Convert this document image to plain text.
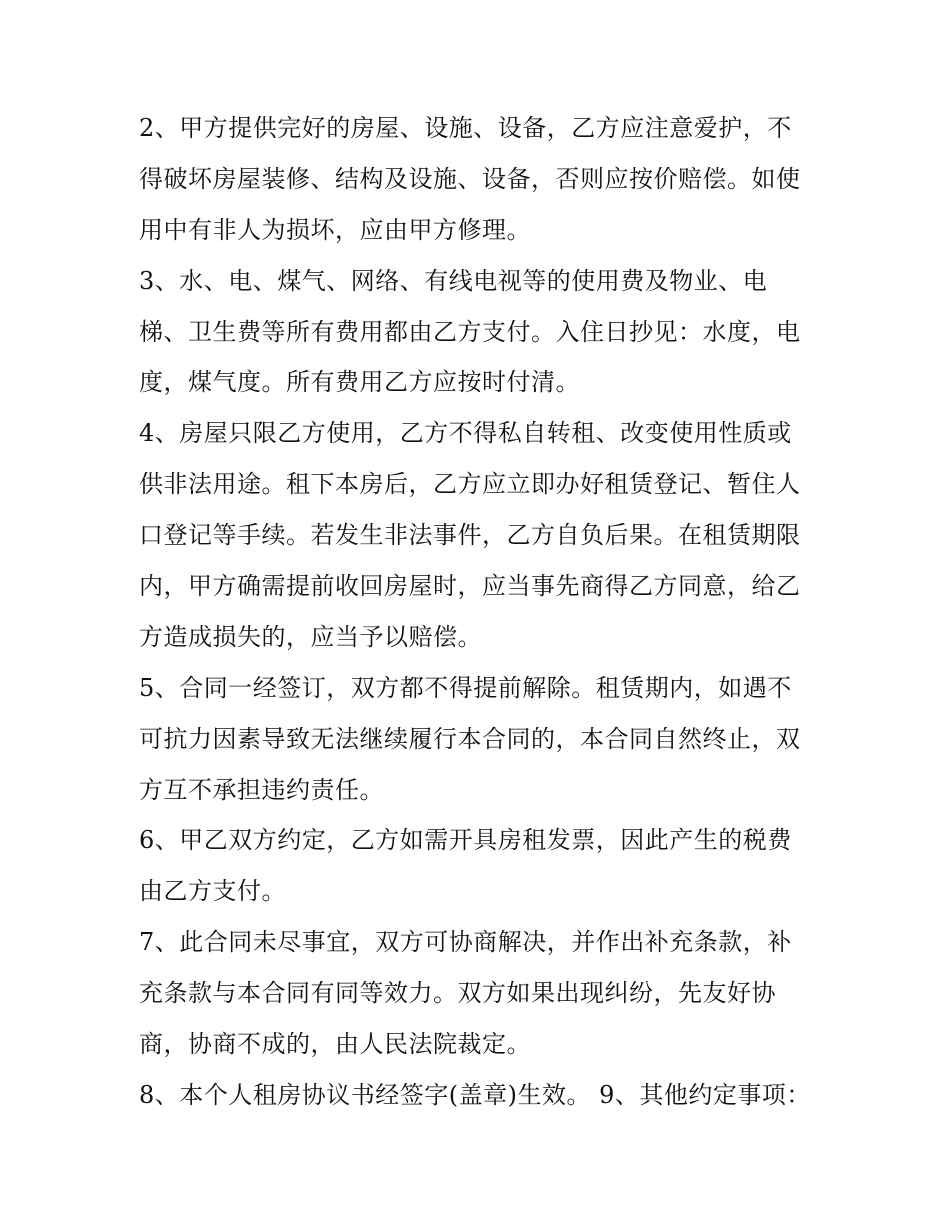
2、甲方提供完好的房屋、设施、设备，乙方应注意爱护，不
得破坏房屋装修、结构及设施、设备，否则应按价赔偿。如使
用中有非人为损坏，应由甲方修理。
3、水、电、煤气、网络、有线电视等的使用费及物业、电
梯、卫生费等所有费用都由乙方支付。入住日抄见：水度，电
度，煤气度。所有费用乙方应按时付清。
4、房屋只限乙方使用，乙方不得私自转租、改变使用性质或
供非法用途。租下本房后，乙方应立即办好租赁登记、暂住人
口登记等手续。若发生非法事件，乙方自负后果。在租赁期限
内，甲方确需提前收回房屋时，应当事先商得乙方同意，给乙
方造成损失的，应当予以赔偿。
5、合同一经签订，双方都不得提前解除。租赁期内，如遇不
可抗力因素导致无法继续履行本合同的，本合同自然终止，双
方互不承担违约责任。
6、甲乙双方约定，乙方如需开具房租发票，因此产生的税费
由乙方支付。
7、此合同未尽事宜，双方可协商解决，并作出补充条款，补
充条款与本合同有同等效力。双方如果出现纠纷，先友好协
商，协商不成的，由人民法院裁定。
8、本个人租房协议书经签字(盖章)生效。 9、其他约定事项：
